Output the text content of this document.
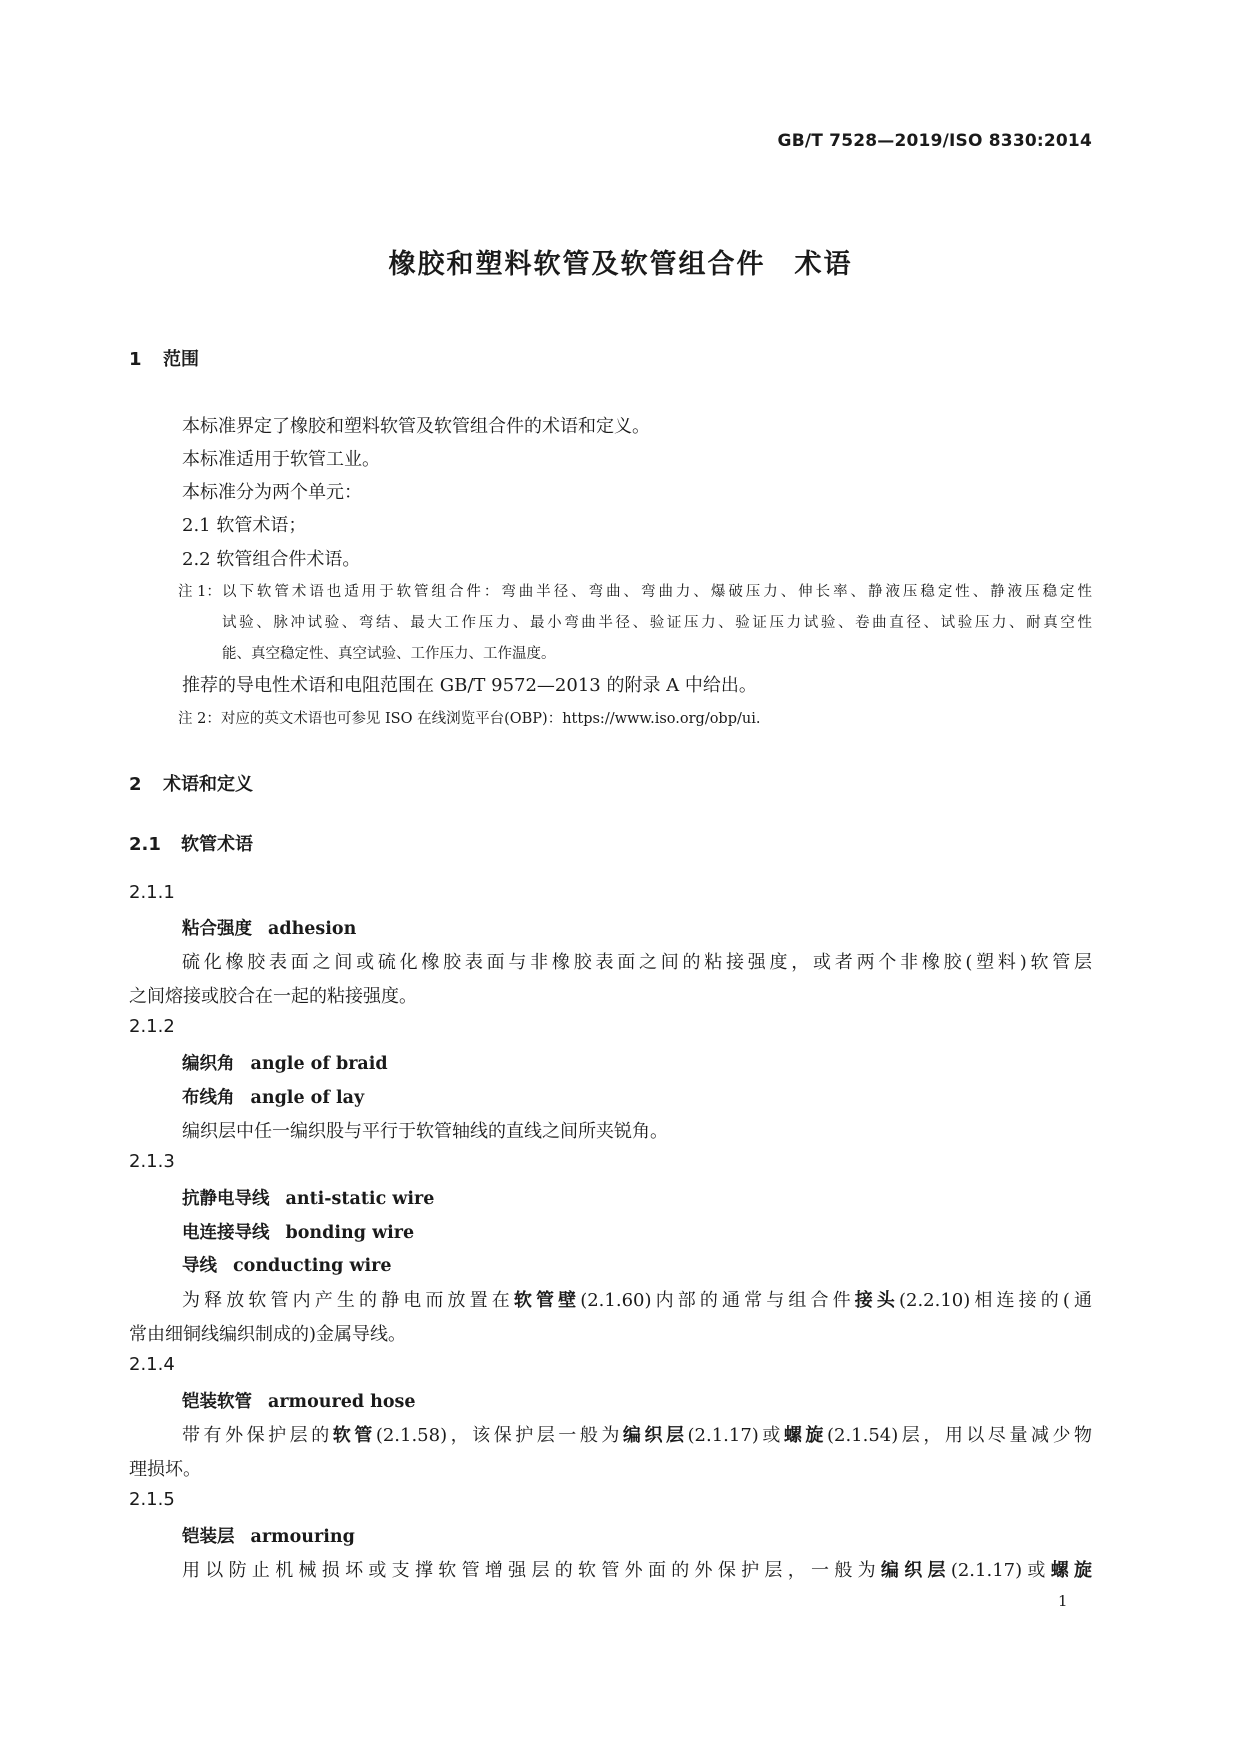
GB/T 7528—2019/ISO 8330:2014
橡胶和塑料软管及软管组合件　术语
1 范围
本标准界定了橡胶和塑料软管及软管组合件的术语和定义。
本标准适用于软管工业。
本标准分为两个单元：
2.1 软管术语；
2.2 软管组合件术语。
注 1： 以下软管术语也适用于软管组合件：弯曲半径、弯曲、弯曲力、爆破压力、伸长率、静液压稳定性、静液压稳定性
试验、脉冲试验、弯结、最大工作压力、最小弯曲半径、验证压力、验证压力试验、卷曲直径、试验压力、耐真空性
能、真空稳定性、真空试验、工作压力、工作温度。
推荐的导电性术语和电阻范围在 GB/T 9572—2013 的附录 A 中给出。
注 2：对应的英文术语也可参见 ISO 在线浏览平台(OBP)：https://www.iso.org/obp/ui.
2 术语和定义
2.1 软管术语
2.1.1
粘合强度 adhesion
硫化橡胶表面之间或硫化橡胶表面与非橡胶表面之间的粘接强度，或者两个非橡胶(塑料)软管层
之间熔接或胶合在一起的粘接强度。
2.1.2
编织角 angle of braid
布线角 angle of lay
编织层中任一编织股与平行于软管轴线的直线之间所夹锐角。
2.1.3
抗静电导线 anti-static wire
电连接导线 bonding wire
导线 conducting wire
为释放软管内产生的静电而放置在软管壁(2.1.60)内部的通常与组合件接头(2.2.10)相连接的(通
常由细铜线编织制成的)金属导线。
2.1.4
铠装软管 armoured hose
带有外保护层的软管(2.1.58)，该保护层一般为编织层(2.1.17)或螺旋(2.1.54)层，用以尽量减少物
理损坏。
2.1.5
铠装层 armouring
用以防止机械损坏或支撑软管增强层的软管外面的外保护层，一般为编织层(2.1.17)或螺旋
1
